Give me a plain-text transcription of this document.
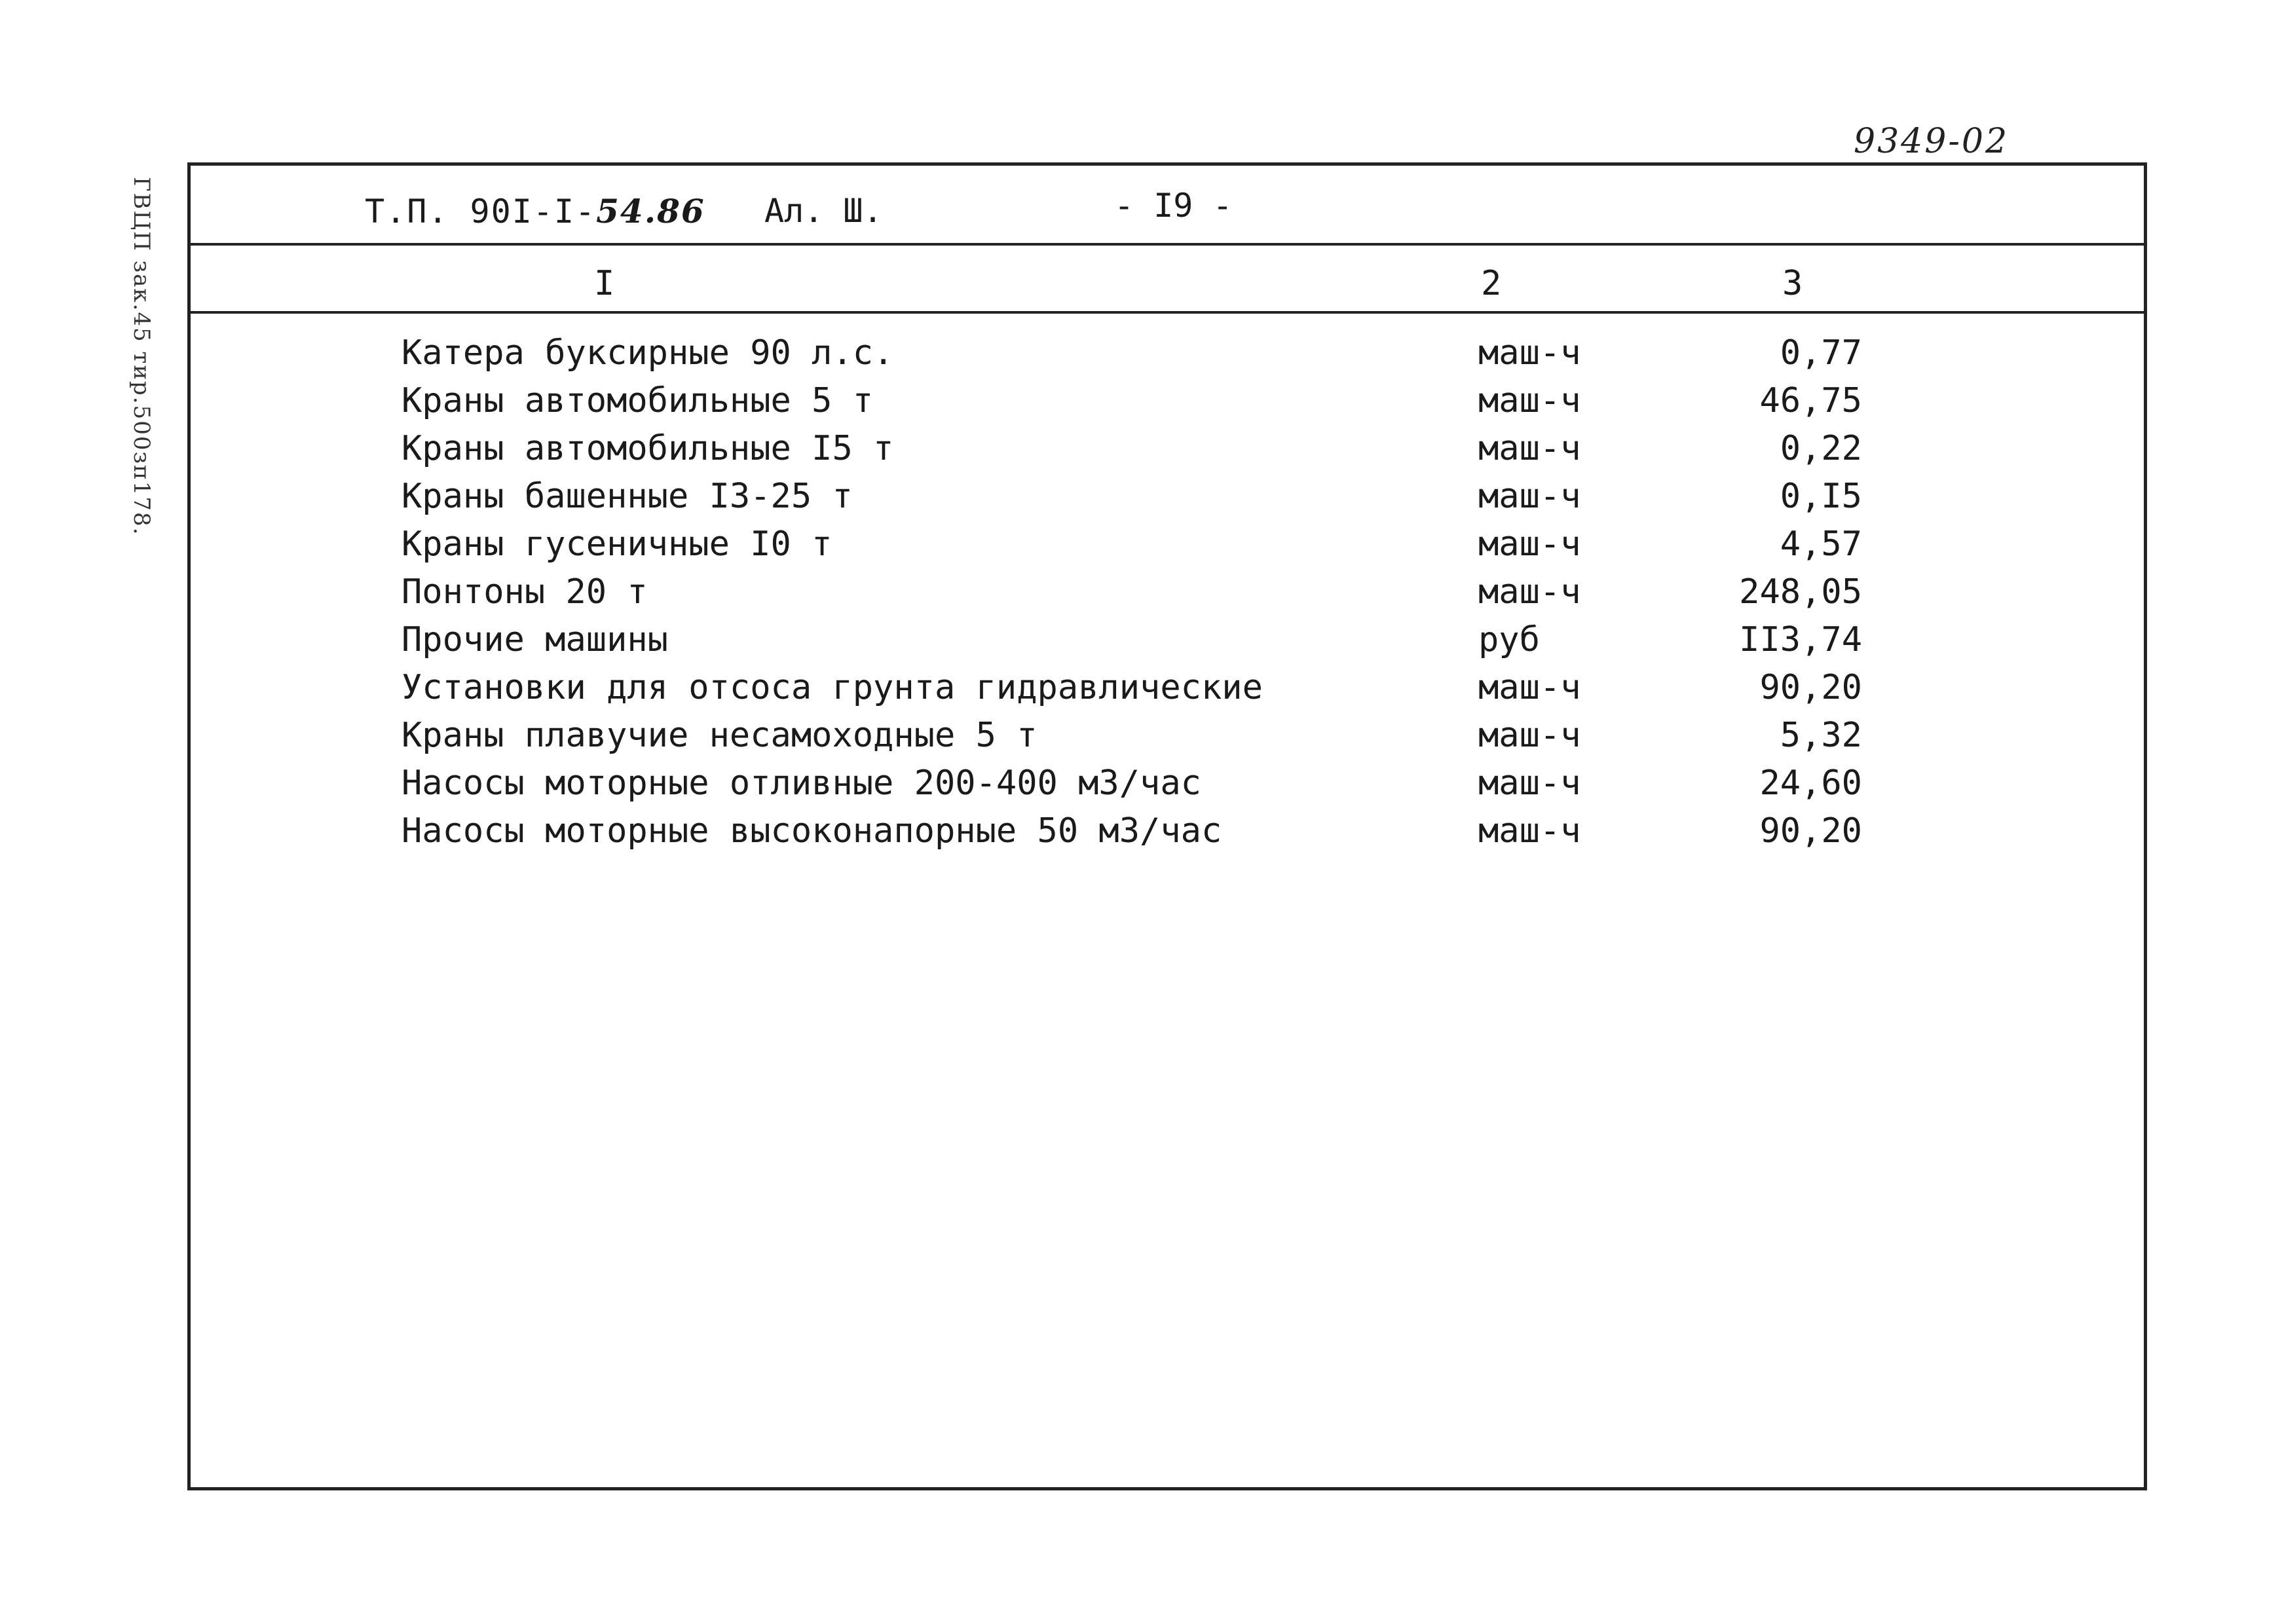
9349-02
ГВЦП зак.45 тир.500зп178.	Т.П. 90I-I-54.86 Ал. Ш.	- I9 -
I	2	3
Катера буксирные 90 л.с.	маш-ч	0,77
Краны автомобильные 5 т	маш-ч	46,75
Краны автомобильные I5 т	маш-ч	0,22
Краны башенные I3-25 т	маш-ч	0,I5
Краны гусеничные I0 т	маш-ч	4,57
Понтоны 20 т	маш-ч	248,05
Прочие машины	руб	II3,74
Установки для отсоса грунта гидравлические	маш-ч	90,20
Краны плавучие несамоходные 5 т	маш-ч	5,32
Насосы моторные отливные 200-400 м3/час	маш-ч	24,60
Насосы моторные высоконапорные 50 м3/час	маш-ч	90,20
